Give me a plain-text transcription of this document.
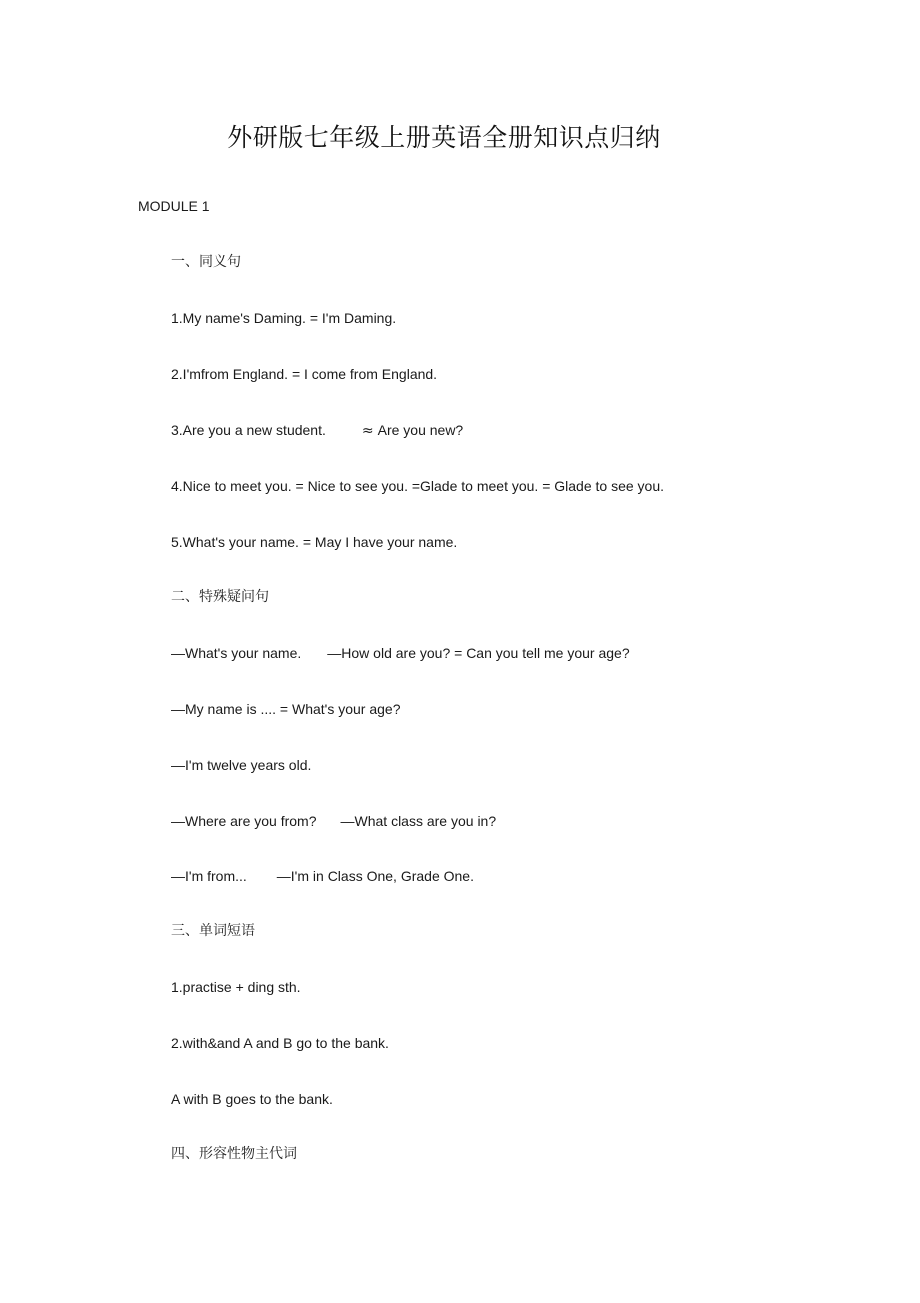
外研版七年级上册英语全册知识点归纳
MODULE 1
一、同义句
1.My name's Daming. = I'm Daming.
2.I'mfrom England. = I come from England.
3.Are you a new student.	≈ Are you new?
4.Nice to meet you. = Nice to see you. =Glade to meet you. = Glade to see you.
5.What's your name. = May I have your name.
二、特殊疑问句
—What's your name. —How old are you? = Can you tell me your age?
—My name is .... = What's your age?
—I'm twelve years old.
—Where are you from? —What class are you in?
—I'm from... —I'm in Class One, Grade One.
三、单词短语
1.practise + ding sth.
2.with&and A and B go to the bank.
A with B goes to the bank.
四、形容性物主代词
